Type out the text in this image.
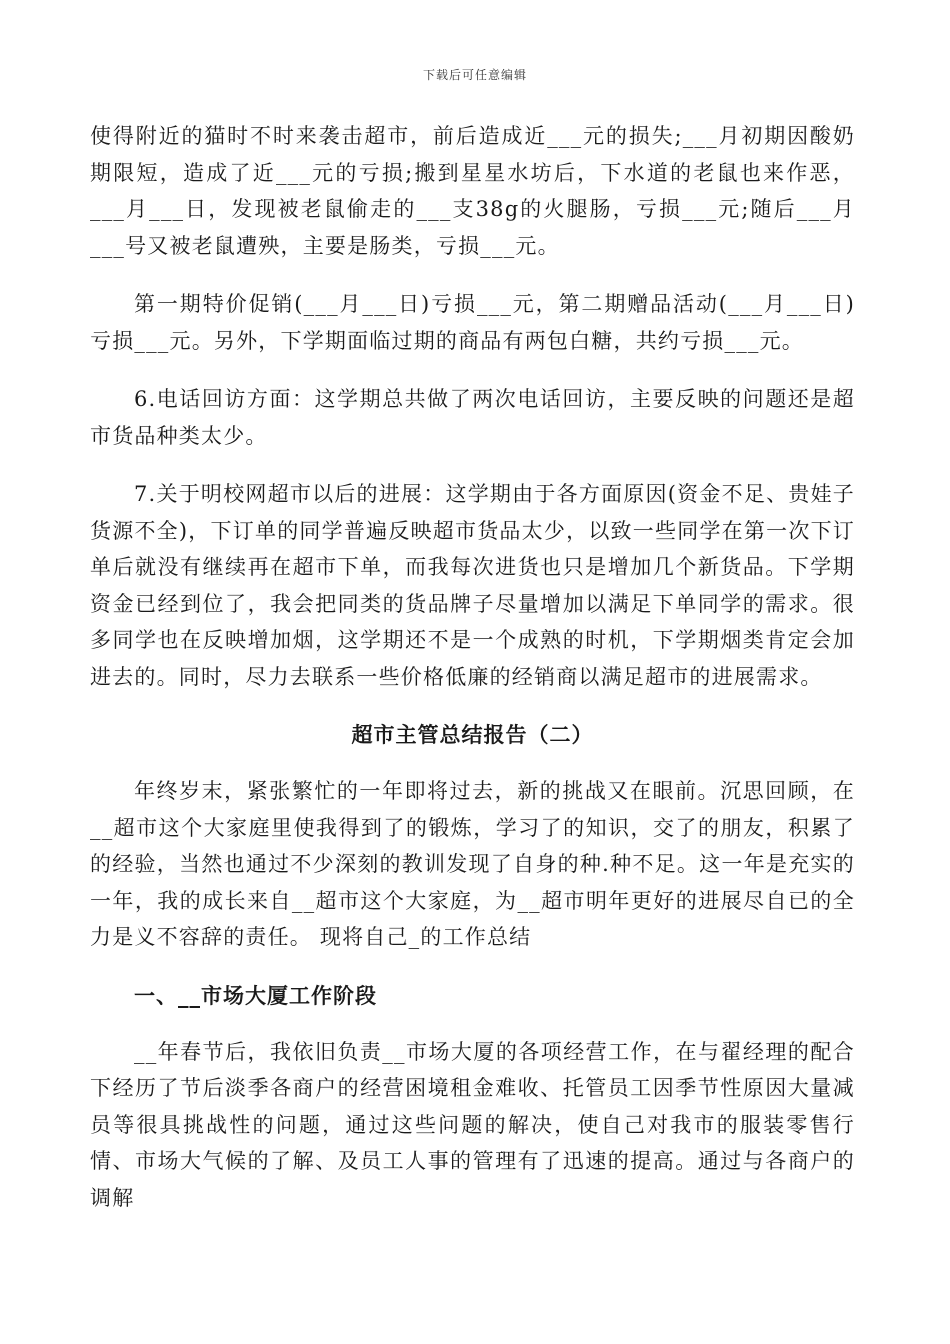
下载后可任意编辑

使得附近的猫时不时来袭击超市，前后造成近___元的损失;___月初期因酸奶期限短，造成了近___元的亏损;搬到星星水坊后，下水道的老鼠也来作恶，___月___日，发现被老鼠偷走的___支38g的火腿肠，亏损___元;随后___月___号又被老鼠遭殃，主要是肠类，亏损___元。

第一期特价促销(___月___日)亏损___元，第二期赠品活动(___月___日)亏损___元。另外，下学期面临过期的商品有两包白糖，共约亏损___元。

6.电话回访方面：这学期总共做了两次电话回访，主要反映的问题还是超市货品种类太少。

7.关于明校网超市以后的进展：这学期由于各方面原因(资金不足、贵娃子货源不全)，下订单的同学普遍反映超市货品太少，以致一些同学在第一次下订单后就没有继续再在超市下单，而我每次进货也只是增加几个新货品。下学期资金已经到位了，我会把同类的货品牌子尽量增加以满足下单同学的需求。很多同学也在反映增加烟，这学期还不是一个成熟的时机，下学期烟类肯定会加进去的。同时，尽力去联系一些价格低廉的经销商以满足超市的进展需求。

超市主管总结报告（二）

年终岁末，紧张繁忙的一年即将过去，新的挑战又在眼前。沉思回顾，在__超市这个大家庭里使我得到了的锻炼，学习了的知识，交了的朋友，积累了的经验，当然也通过不少深刻的教训发现了自身的种.种不足。这一年是充实的一年，我的成长来自__超市这个大家庭，为__超市明年更好的进展尽自已的全力是义不容辞的责任。 现将自己_的工作总结

一、__市场大厦工作阶段

__年春节后，我依旧负责__市场大厦的各项经营工作，在与翟经理的配合下经历了节后淡季各商户的经营困境租金难收、托管员工因季节性原因大量减员等很具挑战性的问题，通过这些问题的解决，使自己对我市的服装零售行情、市场大气候的了解、及员工人事的管理有了迅速的提高。通过与各商户的调解
